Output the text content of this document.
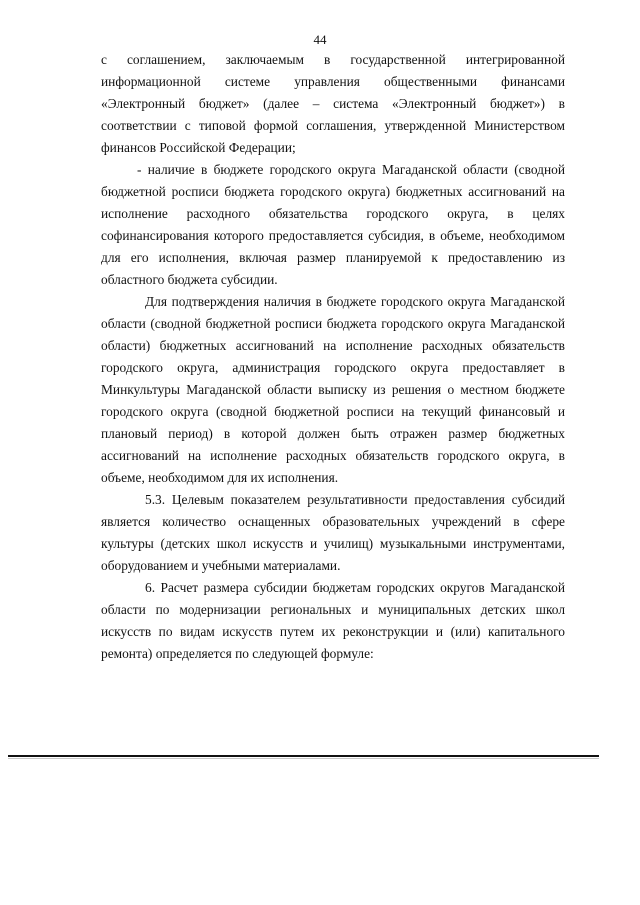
44

с соглашением, заключаемым в государственной интегрированной информационной системе управления общественными финансами «Электронный бюджет» (далее – система «Электронный бюджет») в соответствии с типовой формой соглашения, утвержденной Министерством финансов Российской Федерации;

- наличие в бюджете городского округа Магаданской области (сводной бюджетной росписи бюджета городского округа) бюджетных ассигнований на исполнение расходного обязательства городского округа, в целях софинансирования которого предоставляется субсидия, в объеме, необходимом для его исполнения, включая размер планируемой к предоставлению из областного бюджета субсидии.

Для подтверждения наличия в бюджете городского округа Магаданской области (сводной бюджетной росписи бюджета городского округа Магаданской области) бюджетных ассигнований на исполнение расходных обязательств городского округа, администрация городского округа предоставляет в Минкультуры Магаданской области выписку из решения о местном бюджете городского округа (сводной бюджетной росписи на текущий финансовый и плановый период) в которой должен быть отражен размер бюджетных ассигнований на исполнение расходных обязательств городского округа, в объеме, необходимом для их исполнения.

5.3. Целевым показателем результативности предоставления субсидий является количество оснащенных образовательных учреждений в сфере культуры (детских школ искусств и училищ) музыкальными инструментами, оборудованием и учебными материалами.

6. Расчет размера субсидии бюджетам городских округов Магаданской области по модернизации региональных и муниципальных детских школ искусств по видам искусств путем их реконструкции и (или) капитального ремонта) определяется по следующей формуле:
